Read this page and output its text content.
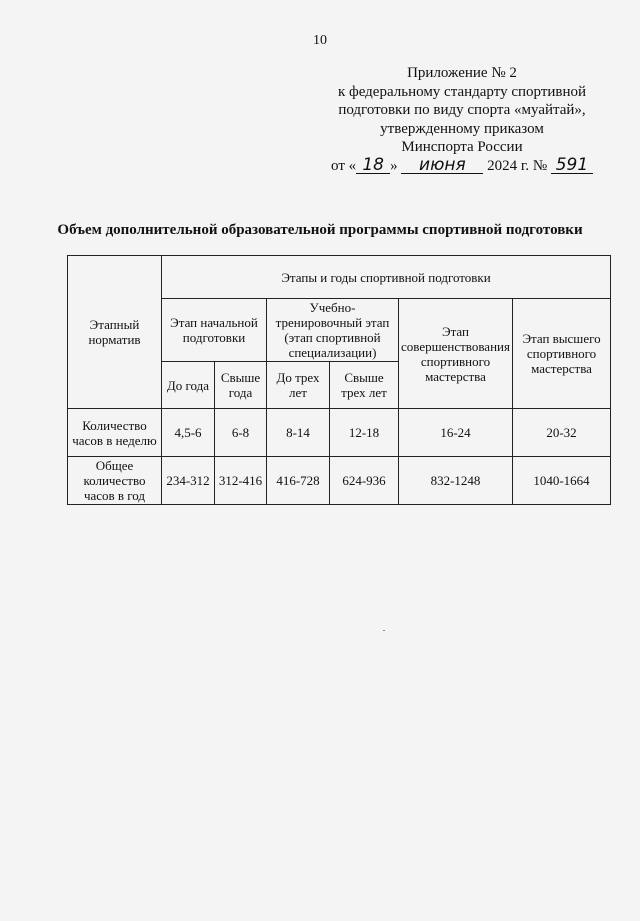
10
Приложение № 2
к федеральному стандарту спортивной
подготовки по виду спорта «муайтай»,
утвержденному приказом
Минспорта России
от « 18 » июня 2024 г. № 591
Объем дополнительной образовательной программы спортивной подготовки
Этапный норматив	Этапы и годы спортивной подготовки					
	Этап начальной подготовки		Учебно-тренировочный этап (этап спортивной специализации)		Этап совершенствования спортивного мастерства	Этап высшего спортивного мастерства
	До года	Свыше года	До трех лет	Свыше трех лет		
Количество часов в неделю	4,5-6	6-8	8-14	12-18	16-24	20-32
Общее количество часов в год	234-312	312-416	416-728	624-936	832-1248	1040-1664
